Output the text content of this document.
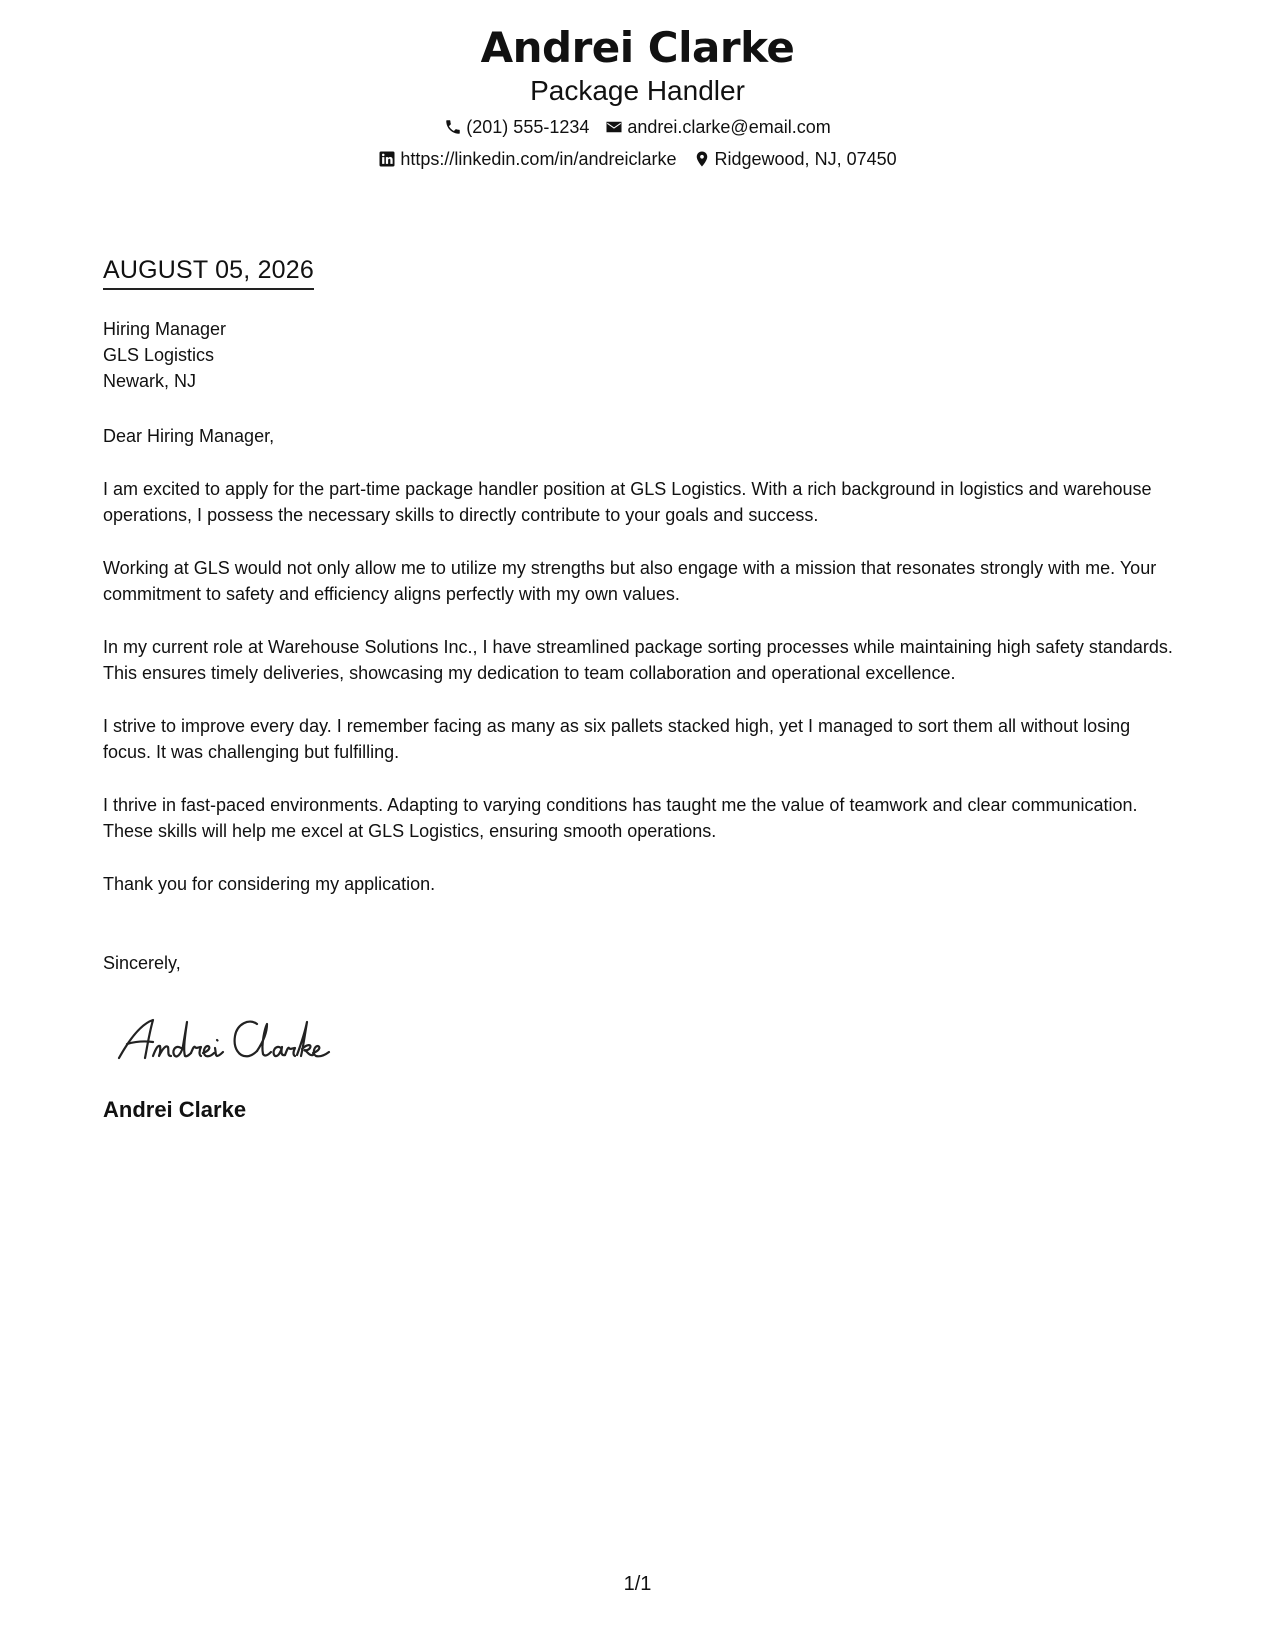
Andrei Clarke
Package Handler
(201) 555-1234 andrei.clarke@email.com
https://linkedin.com/in/andreiclarke Ridgewood, NJ, 07450
AUGUST 05, 2026
Hiring Manager
GLS Logistics
Newark, NJ
Dear Hiring Manager,

I am excited to apply for the part-time package handler position at GLS Logistics. With a rich background in logistics and warehouse operations, I possess the necessary skills to directly contribute to your goals and success.

Working at GLS would not only allow me to utilize my strengths but also engage with a mission that resonates strongly with me. Your commitment to safety and efficiency aligns perfectly with my own values.

In my current role at Warehouse Solutions Inc., I have streamlined package sorting processes while maintaining high safety standards. This ensures timely deliveries, showcasing my dedication to team collaboration and operational excellence.

I strive to improve every day. I remember facing as many as six pallets stacked high, yet I managed to sort them all without losing focus. It was challenging but fulfilling.

I thrive in fast-paced environments. Adapting to varying conditions has taught me the value of teamwork and clear communication. These skills will help me excel at GLS Logistics, ensuring smooth operations.

Thank you for considering my application.

Sincerely,
Andrei Clarke
1/1
